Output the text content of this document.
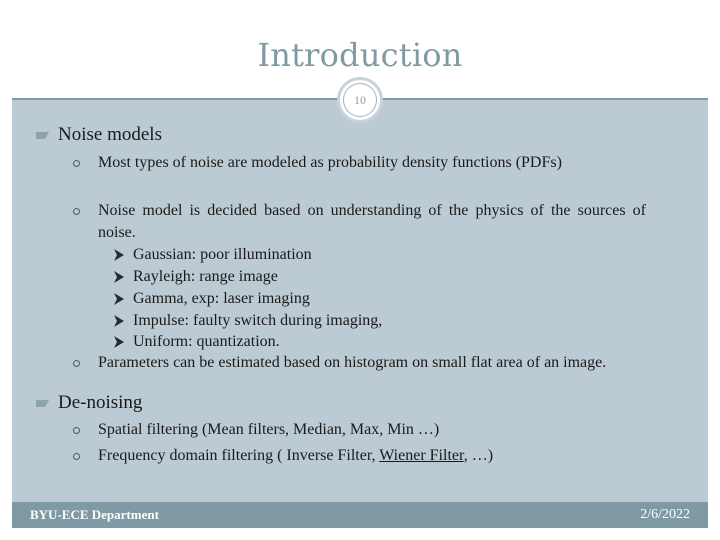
Introduction
10
Noise models
Most types of noise are modeled as probability density functions (PDFs)
Noise model is decided based on understanding of the physics of the sources of noise.
Gaussian: poor illumination
Rayleigh: range image
Gamma, exp: laser imaging
Impulse: faulty switch during imaging,
Uniform: quantization.
Parameters can be estimated based on histogram on small flat area of an image.
De-noising
Spatial filtering (Mean filters, Median, Max, Min …)
Frequency domain filtering ( Inverse Filter, Wiener Filter, …)
BYU-ECE Department	2/6/2022
